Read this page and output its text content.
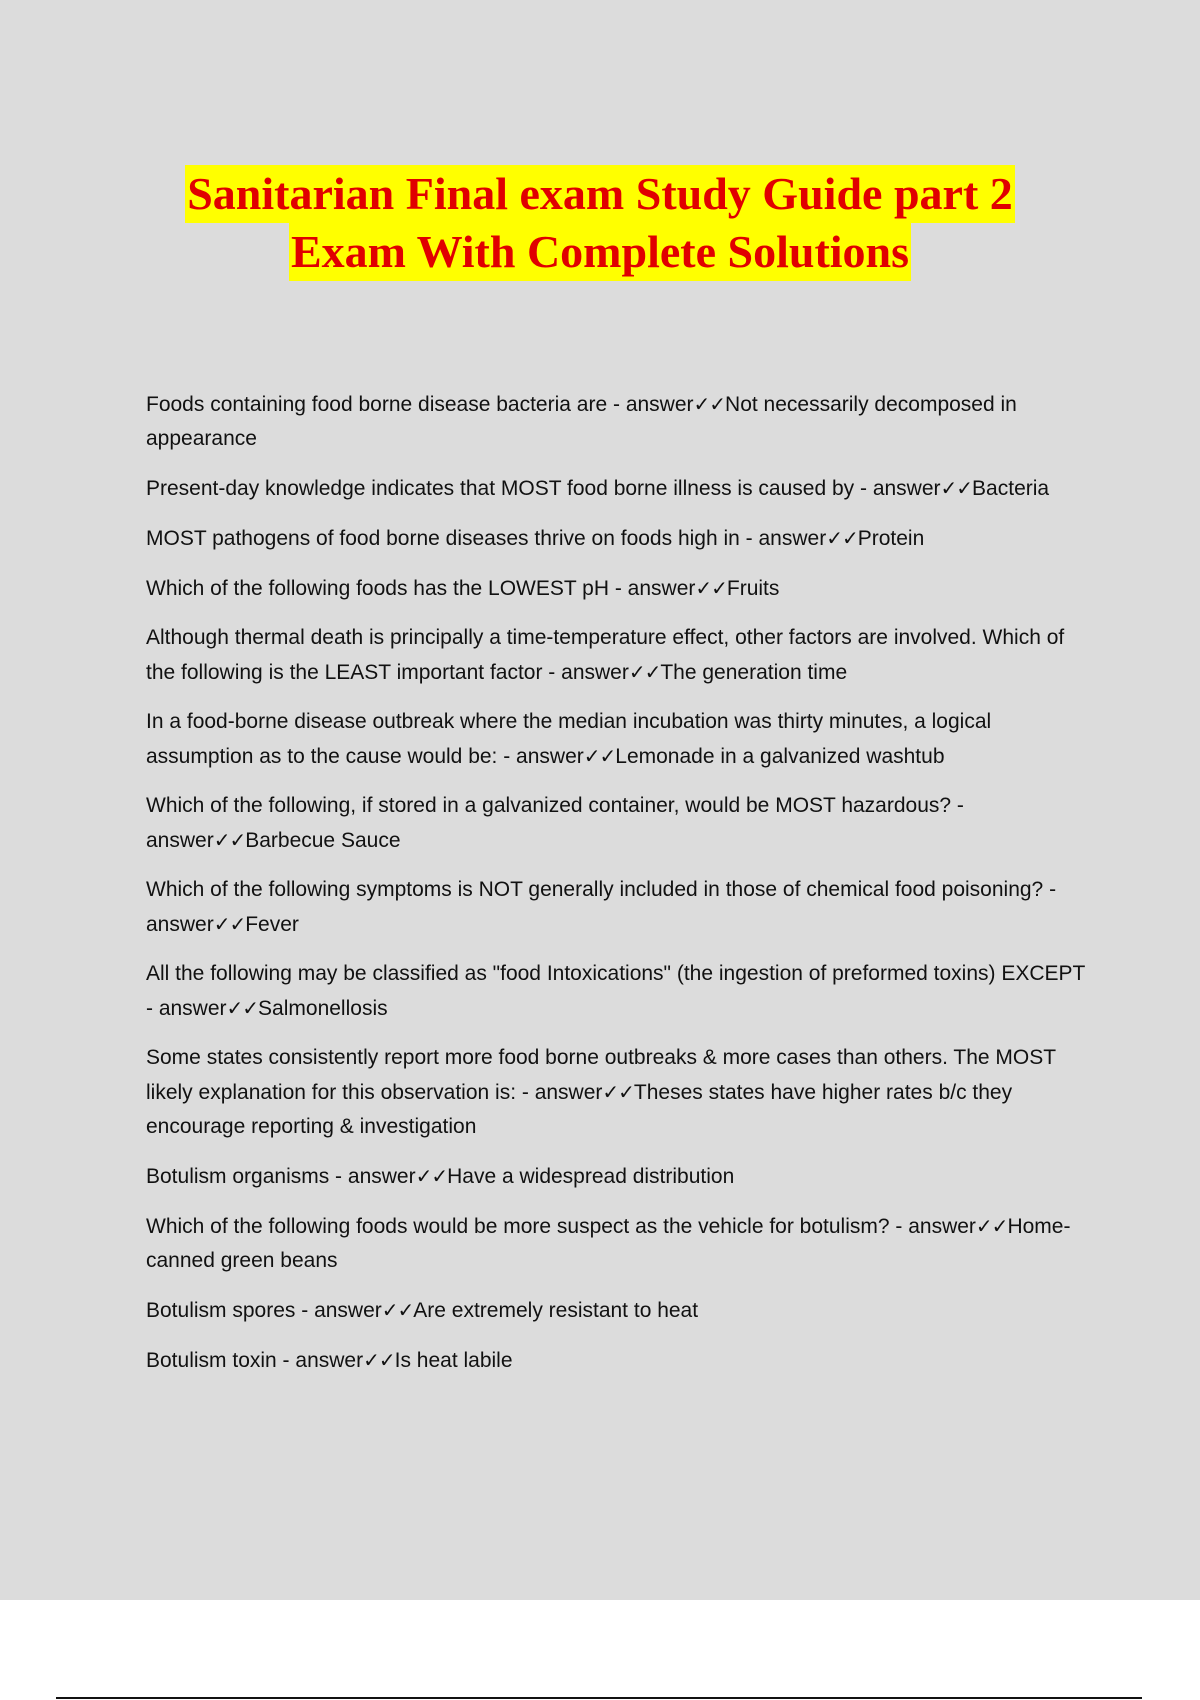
Sanitarian Final exam Study Guide part 2
Exam With Complete Solutions
Foods containing food borne disease bacteria are - answer✓✓Not necessarily decomposed in appearance
Present-day knowledge indicates that MOST food borne illness is caused by - answer✓✓Bacteria
MOST pathogens of food borne diseases thrive on foods high in - answer✓✓Protein
Which of the following foods has the LOWEST pH - answer✓✓Fruits
Although thermal death is principally a time-temperature effect, other factors are involved. Which of the following is the LEAST important factor - answer✓✓The generation time
In a food-borne disease outbreak where the median incubation was thirty minutes, a logical assumption as to the cause would be: - answer✓✓Lemonade in a galvanized washtub
Which of the following, if stored in a galvanized container, would be MOST hazardous? - answer✓✓Barbecue Sauce
Which of the following symptoms is NOT generally included in those of chemical food poisoning? - answer✓✓Fever
All the following may be classified as "food Intoxications" (the ingestion of preformed toxins) EXCEPT - answer✓✓Salmonellosis
Some states consistently report more food borne outbreaks & more cases than others. The MOST likely explanation for this observation is: - answer✓✓Theses states have higher rates b/c they encourage reporting & investigation
Botulism organisms - answer✓✓Have a widespread distribution
Which of the following foods would be more suspect as the vehicle for botulism? - answer✓✓Home-canned green beans
Botulism spores - answer✓✓Are extremely resistant to heat
Botulism toxin - answer✓✓Is heat labile
